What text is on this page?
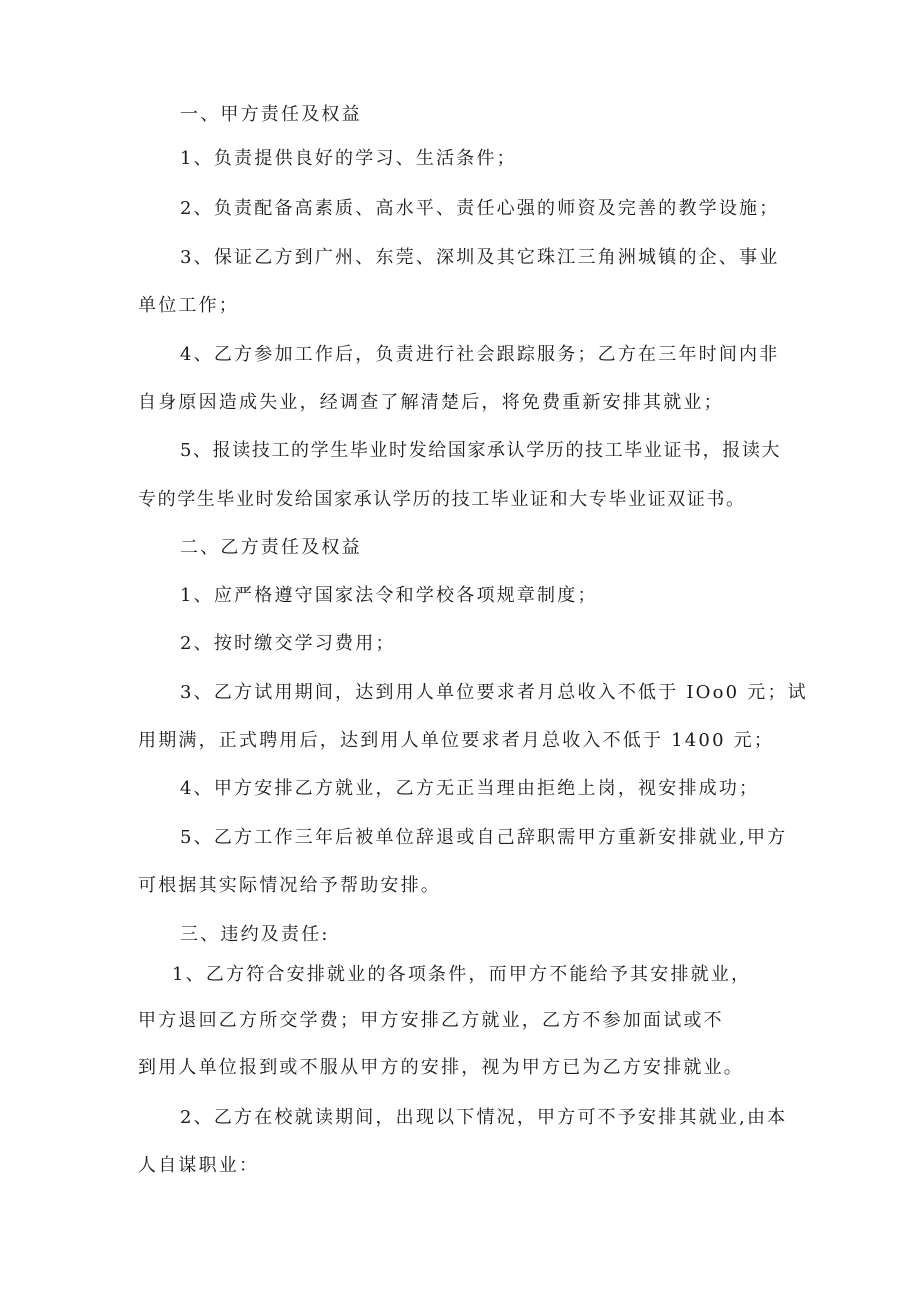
一、甲方责任及权益
1、负责提供良好的学习、生活条件；
2、负责配备高素质、高水平、责任心强的师资及完善的教学设施；
3、保证乙方到广州、东莞、深圳及其它珠江三角洲城镇的企、事业
单位工作；
4、乙方参加工作后，负责进行社会跟踪服务；乙方在三年时间内非
自身原因造成失业，经调查了解清楚后，将免费重新安排其就业；
5、报读技工的学生毕业时发给国家承认学历的技工毕业证书，报读大
专的学生毕业时发给国家承认学历的技工毕业证和大专毕业证双证书。
二、乙方责任及权益
1、应严格遵守国家法令和学校各项规章制度；
2、按时缴交学习费用；
3、乙方试用期间，达到用人单位要求者月总收入不低于 IOo0 元；试
用期满，正式聘用后，达到用人单位要求者月总收入不低于 1400 元；
4、甲方安排乙方就业，乙方无正当理由拒绝上岗，视安排成功；
5、乙方工作三年后被单位辞退或自己辞职需甲方重新安排就业,甲方
可根据其实际情况给予帮助安排。
三、违约及责任:
1、乙方符合安排就业的各项条件，而甲方不能给予其安排就业，
甲方退回乙方所交学费；甲方安排乙方就业，乙方不参加面试或不
到用人单位报到或不服从甲方的安排，视为甲方已为乙方安排就业。
2、乙方在校就读期间，出现以下情况，甲方可不予安排其就业,由本
人自谋职业：
